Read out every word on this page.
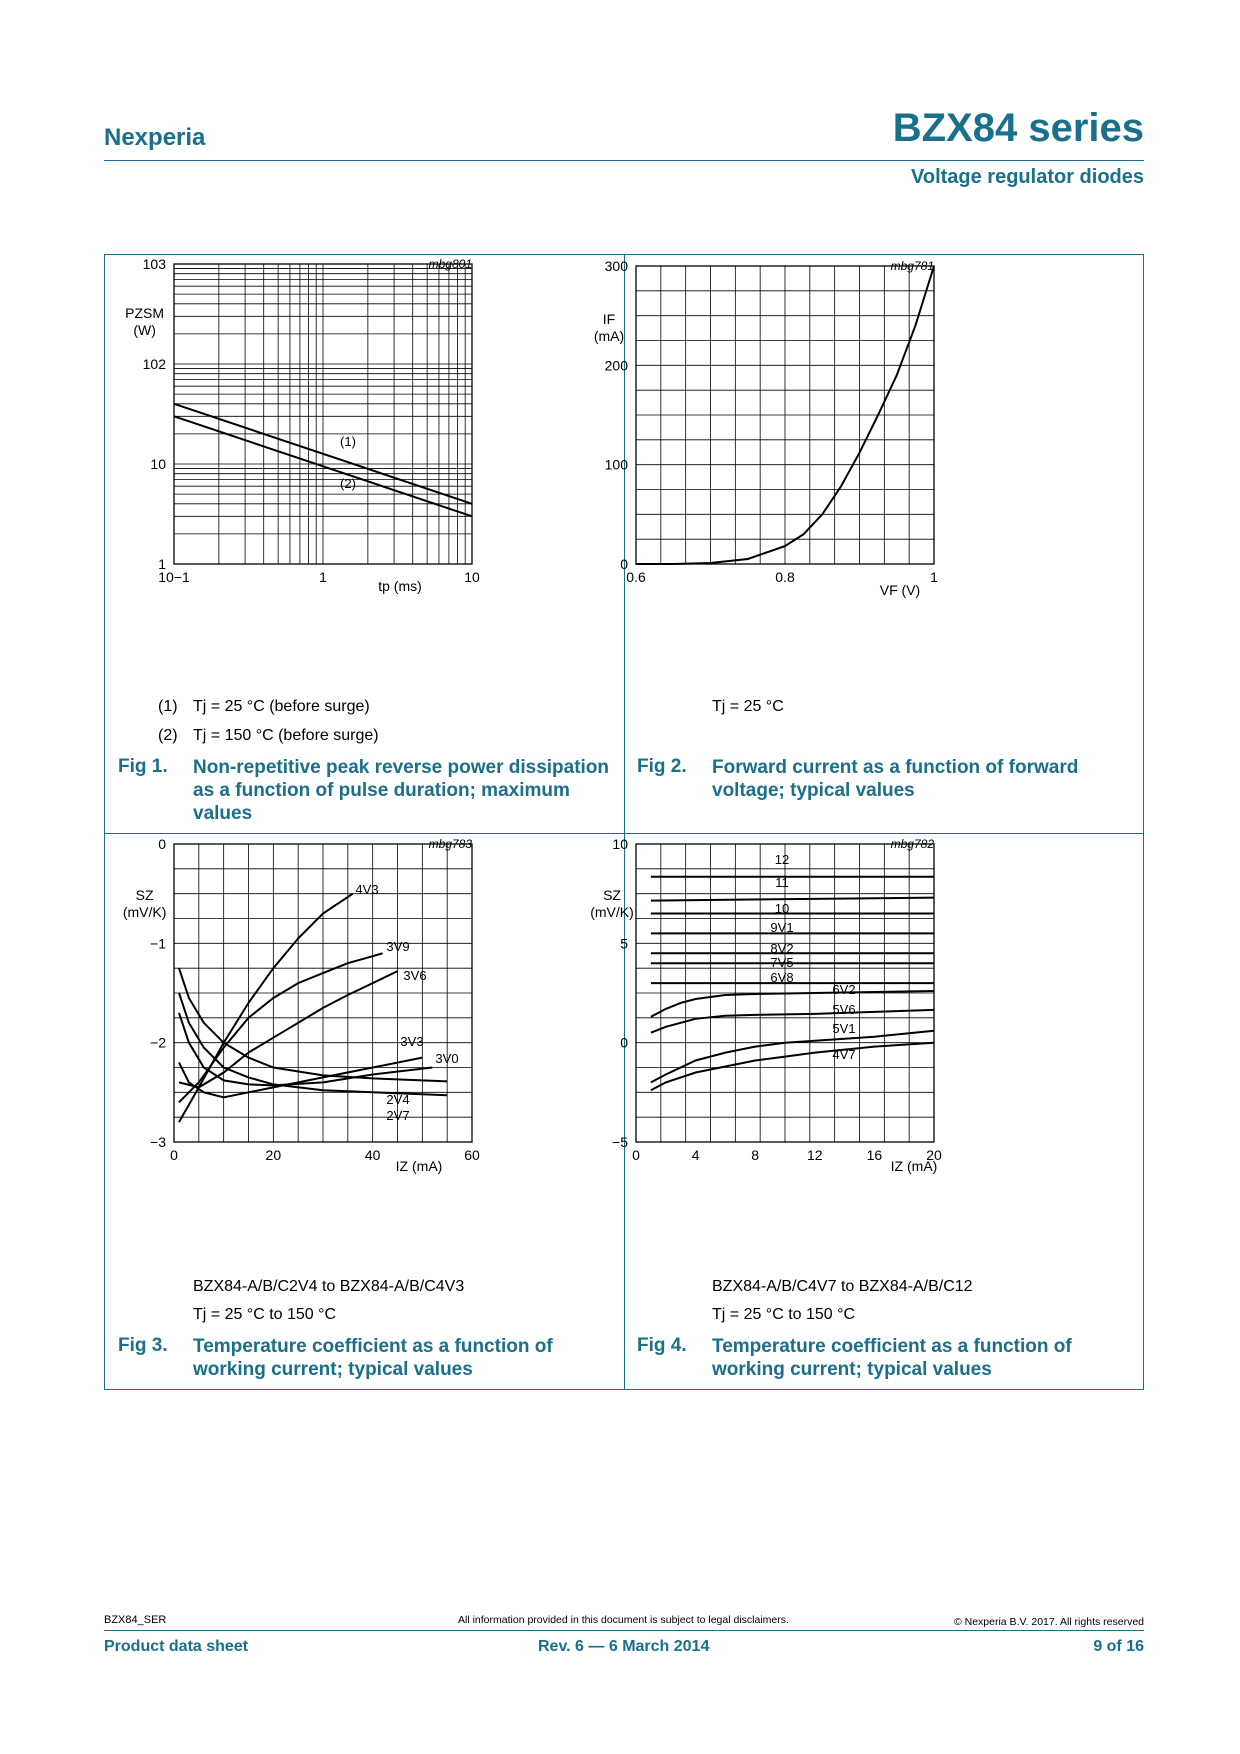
Nexperia	BZX84 series
Voltage regulator diodes
mbg801
10−1	1	10
1
10
102
103
PZSM
(W)
tp (ms)
(1)
(2)
(1) Tj = 25 °C (before surge)
(2) Tj = 150 °C (before surge)
Fig 1. Non-repetitive peak reverse power dissipation as a function of pulse duration; maximum values
mbg781
0.6	0.8	1
0
100
200
300
IF
(mA)
VF (V)
Tj = 25 °C
Fig 2. Forward current as a function of forward voltage; typical values
mbg783
0	20	40	60
−3
−2
−1
0
SZ
(mV/K)
IZ (mA)
4V3
3V9
3V6
3V3
3V0
2V4
2V7
BZX84-A/B/C2V4 to BZX84-A/B/C4V3
Tj = 25 °C to 150 °C
Fig 3. Temperature coefficient as a function of working current; typical values
mbg782
0	4	8	12	16	20
−5
0
5
10
SZ
(mV/K)
IZ (mA)
12
11
10
9V1
8V2
7V5
6V8
6V2
5V6
5V1
4V7
BZX84-A/B/C4V7 to BZX84-A/B/C12
Tj = 25 °C to 150 °C
Fig 4. Temperature coefficient as a function of working current; typical values
BZX84_SER	All information provided in this document is subject to legal disclaimers.	© Nexperia B.V. 2017. All rights reserved
Product data sheet	Rev. 6 — 6 March 2014	9 of 16
